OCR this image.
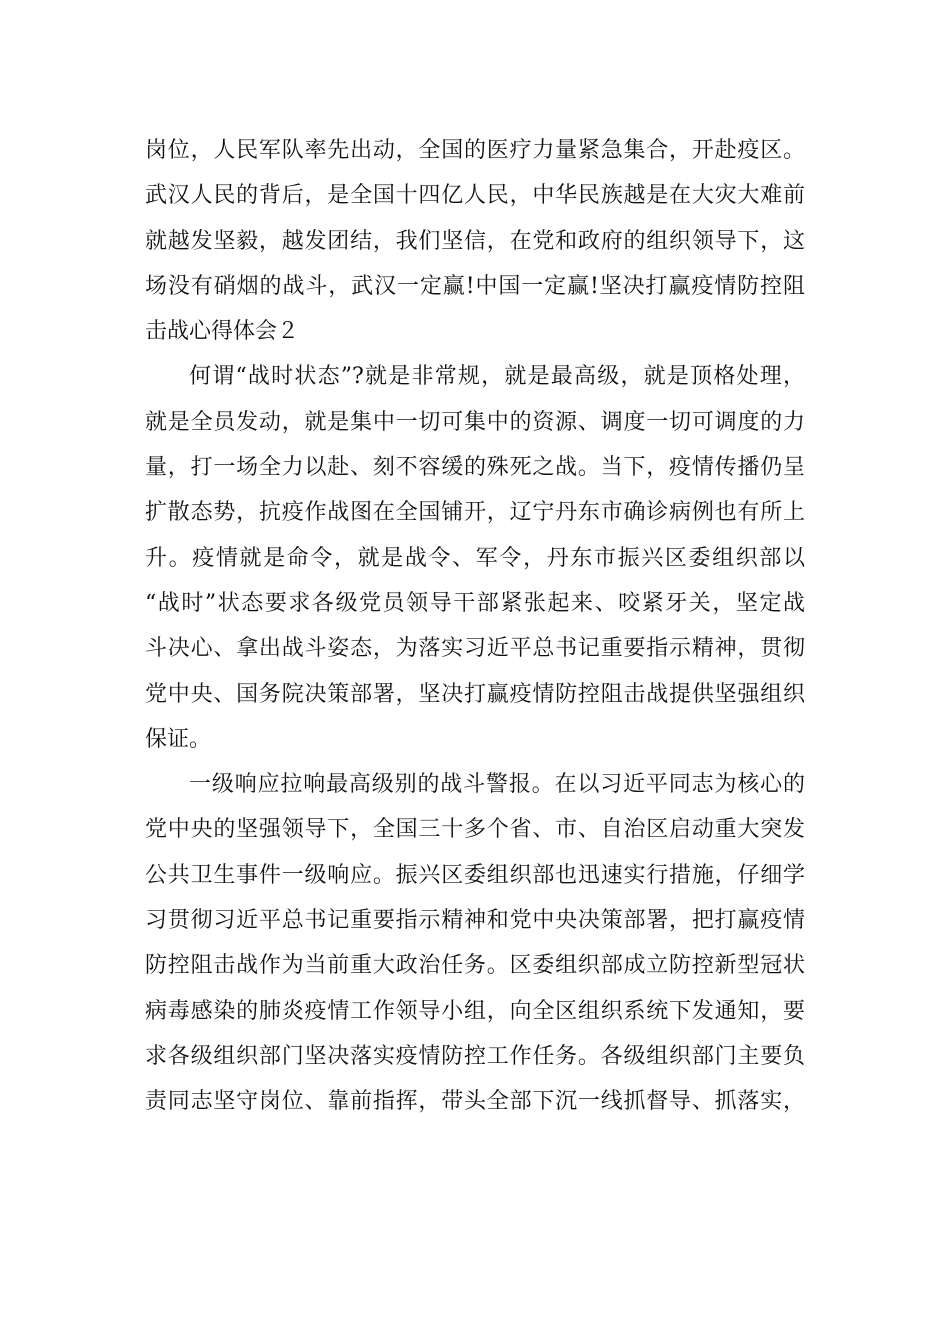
岗位，人民军队率先出动，全国的医疗力量紧急集合，开赴疫区。
武汉人民的背后，是全国十四亿人民，中华民族越是在大灾大难前
就越发坚毅，越发团结，我们坚信，在党和政府的组织领导下，这
场没有硝烟的战斗，武汉一定赢!中国一定赢!坚决打赢疫情防控阻
击战心得体会２
何谓“战时状态”?就是非常规，就是最高级，就是顶格处理，
就是全员发动，就是集中一切可集中的资源、调度一切可调度的力
量，打一场全力以赴、刻不容缓的殊死之战。当下，疫情传播仍呈
扩散态势，抗疫作战图在全国铺开，辽宁丹东市确诊病例也有所上
升。疫情就是命令，就是战令、军令，丹东市振兴区委组织部以
“战时”状态要求各级党员领导干部紧张起来、咬紧牙关，坚定战
斗决心、拿出战斗姿态，为落实习近平总书记重要指示精神，贯彻
党中央、国务院决策部署，坚决打赢疫情防控阻击战提供坚强组织
保证。
一级响应拉响最高级别的战斗警报。在以习近平同志为核心的
党中央的坚强领导下，全国三十多个省、市、自治区启动重大突发
公共卫生事件一级响应。振兴区委组织部也迅速实行措施，仔细学
习贯彻习近平总书记重要指示精神和党中央决策部署，把打赢疫情
防控阻击战作为当前重大政治任务。区委组织部成立防控新型冠状
病毒感染的肺炎疫情工作领导小组，向全区组织系统下发通知，要
求各级组织部门坚决落实疫情防控工作任务。各级组织部门主要负
责同志坚守岗位、靠前指挥，带头全部下沉一线抓督导、抓落实，
